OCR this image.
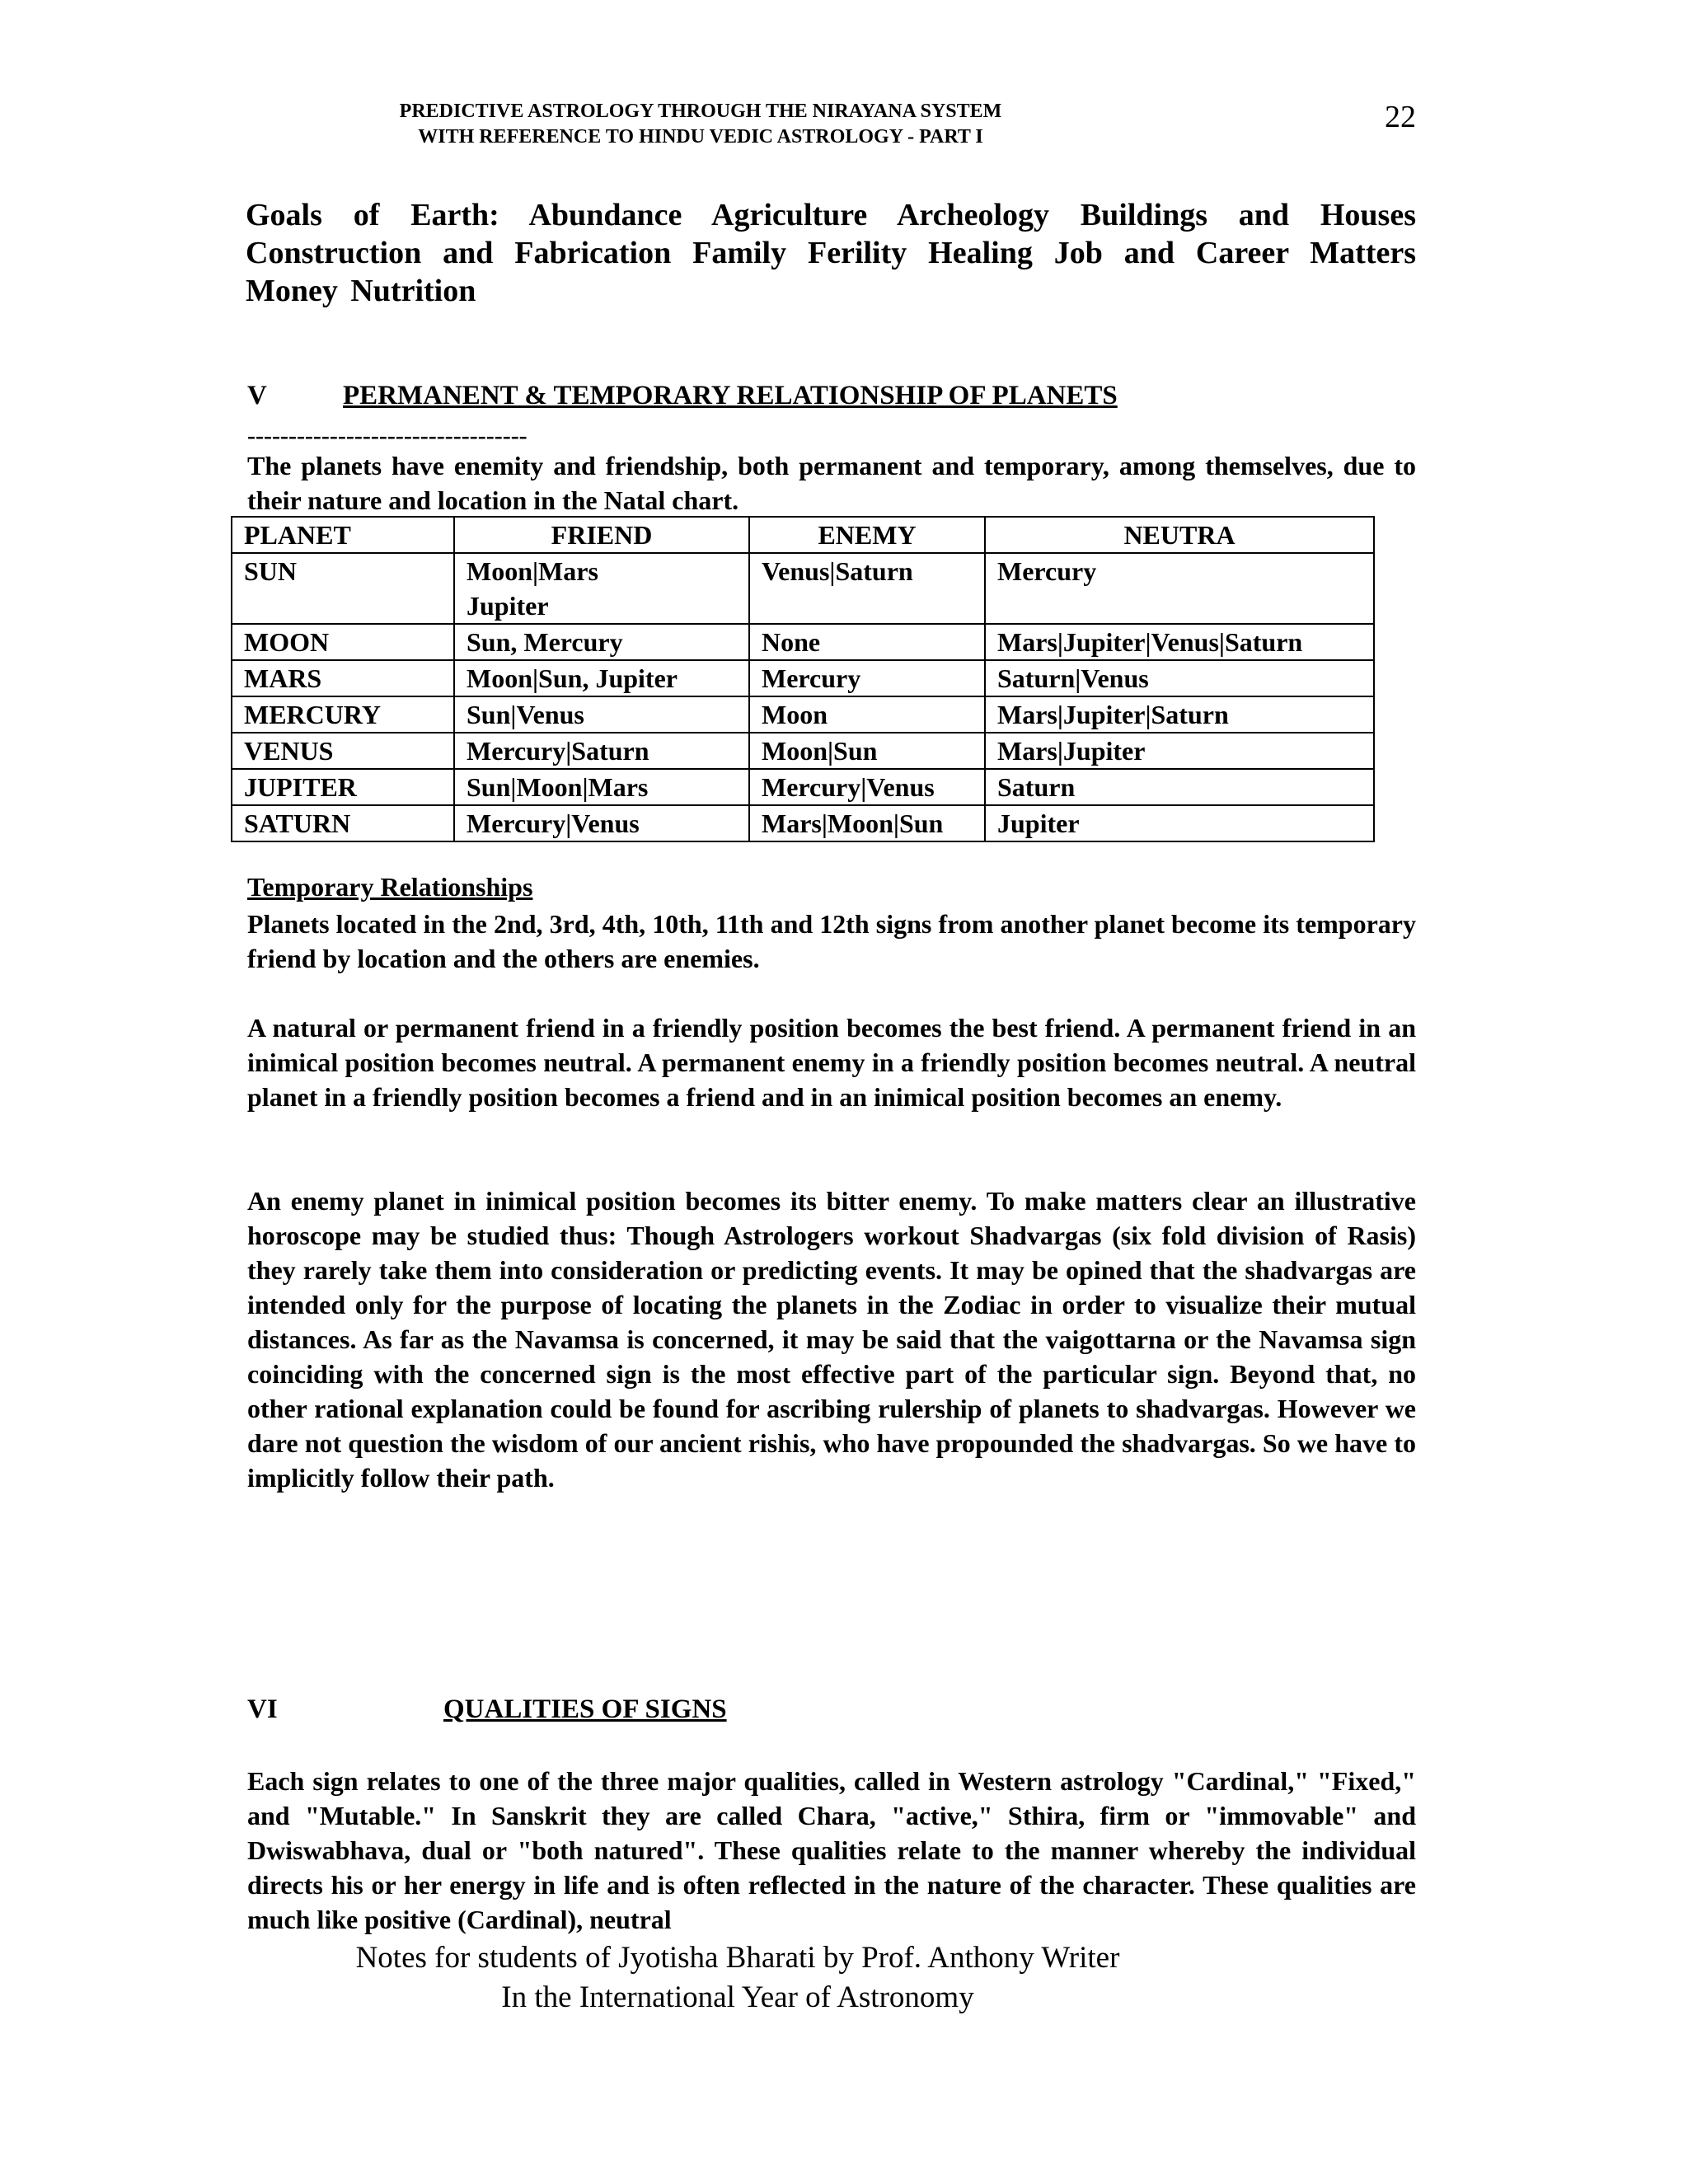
PREDICTIVE ASTROLOGY THROUGH THE NIRAYANA SYSTEM
WITH REFERENCE TO HINDU VEDIC ASTROLOGY - PART I
22
Goals of Earth: Abundance Agriculture Archeology Buildings and Houses Construction and Fabrication Family Ferility Healing Job and Career Matters Money Nutrition
V	PERMANENT & TEMPORARY RELATIONSHIP OF PLANETS
----------------------------------
The planets have enemity and friendship, both permanent and temporary, among themselves, due to their nature and location in the Natal chart.
PLANET	FRIEND	ENEMY	NEUTRA
SUN	Moon|Mars Jupiter	Venus|Saturn	Mercury
MOON	Sun, Mercury	None	Mars|Jupiter|Venus|Saturn
MARS	Moon|Sun, Jupiter	Mercury	Saturn|Venus
MERCURY	Sun|Venus	Moon	Mars|Jupiter|Saturn
VENUS	Mercury|Saturn	Moon|Sun	Mars|Jupiter
JUPITER	Sun|Moon|Mars	Mercury|Venus	Saturn
SATURN	Mercury|Venus	Mars|Moon|Sun	Jupiter
Temporary Relationships
Planets located in the 2nd, 3rd, 4th, 10th, 11th and 12th signs from another planet become its temporary friend by location and the others are enemies.
A natural or permanent friend in a friendly position becomes the best friend. A permanent friend in an inimical position becomes neutral. A permanent enemy in a friendly position becomes neutral. A neutral planet in a friendly position becomes a friend and in an inimical position becomes an enemy.
An enemy planet in inimical position becomes its bitter enemy. To make matters clear an illustrative horoscope may be studied thus: Though Astrologers workout Shadvargas (six fold division of Rasis) they rarely take them into consideration or predicting events. It may be opined that the shadvargas are intended only for the purpose of locating the planets in the Zodiac in order to visualize their mutual distances. As far as the Navamsa is concerned, it may be said that the vaigottarna or the Navamsa sign coinciding with the concerned sign is the most effective part of the particular sign. Beyond that, no other rational explanation could be found for ascribing rulership of planets to shadvargas. However we dare not question the wisdom of our ancient rishis, who have propounded the shadvargas. So we have to implicitly follow their path.
VI	QUALITIES OF SIGNS
Each sign relates to one of the three major qualities, called in Western astrology "Cardinal," "Fixed," and "Mutable." In Sanskrit they are called Chara, "active," Sthira, firm or "immovable" and Dwiswabhava, dual or "both natured". These qualities relate to the manner whereby the individual directs his or her energy in life and is often reflected in the nature of the character. These qualities are much like positive (Cardinal), neutral
Notes for students of Jyotisha Bharati by Prof. Anthony Writer
In the International Year of Astronomy
